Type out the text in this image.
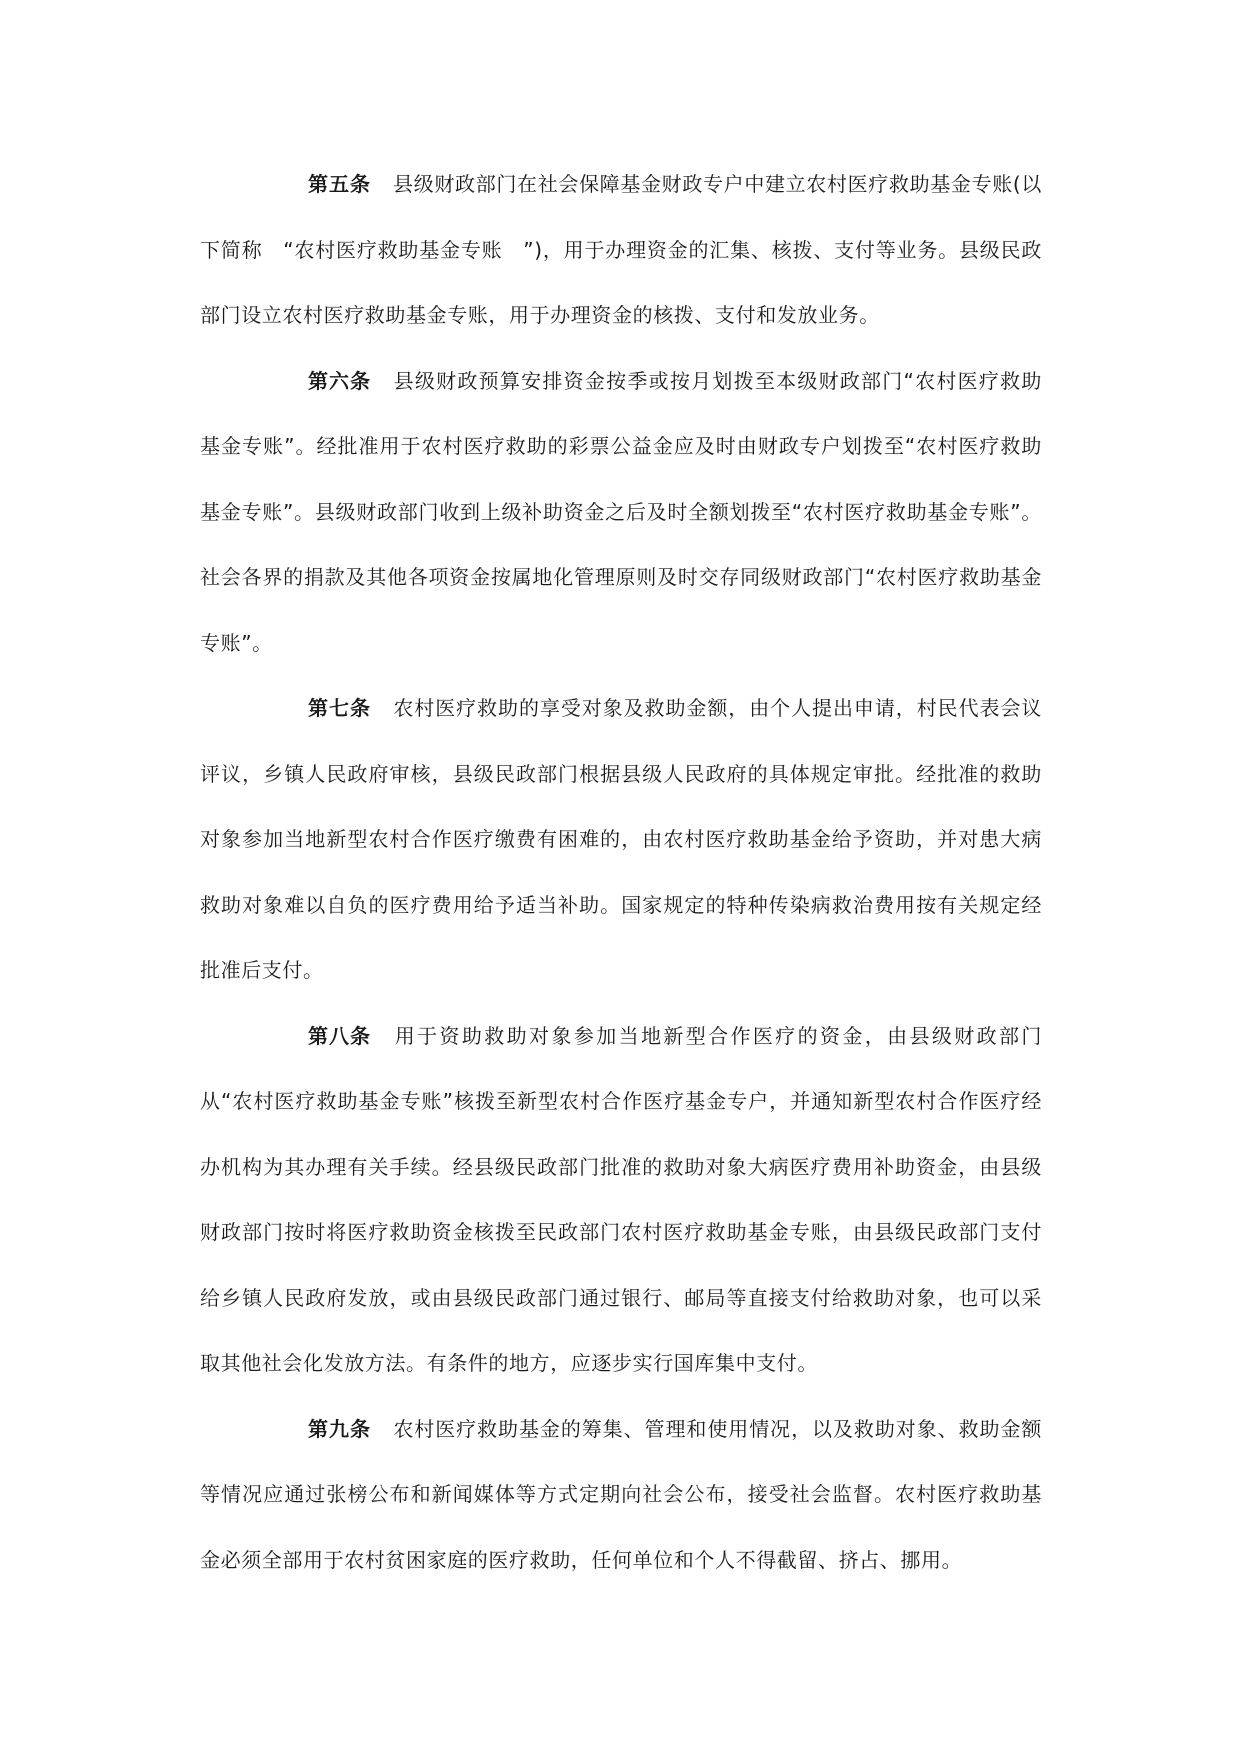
第五条 县级财政部门在社会保障基金财政专户中建立农村医疗救助基金专账(以下简称　“农村医疗救助基金专账　”)，用于办理资金的汇集、核拨、支付等业务。县级民政部门设立农村医疗救助基金专账，用于办理资金的核拨、支付和发放业务。

第六条 县级财政预算安排资金按季或按月划拨至本级财政部门“农村医疗救助基金专账”。经批准用于农村医疗救助的彩票公益金应及时由财政专户划拨至“农村医疗救助基金专账”。县级财政部门收到上级补助资金之后及时全额划拨至“农村医疗救助基金专账”。社会各界的捐款及其他各项资金按属地化管理原则及时交存同级财政部门“农村医疗救助基金专账”。

第七条 农村医疗救助的享受对象及救助金额，由个人提出申请，村民代表会议评议，乡镇人民政府审核，县级民政部门根据县级人民政府的具体规定审批。经批准的救助对象参加当地新型农村合作医疗缴费有困难的，由农村医疗救助基金给予资助，并对患大病救助对象难以自负的医疗费用给予适当补助。国家规定的特种传染病救治费用按有关规定经批准后支付。

第八条 用于资助救助对象参加当地新型合作医疗的资金，由县级财政部门从“农村医疗救助基金专账”核拨至新型农村合作医疗基金专户，并通知新型农村合作医疗经办机构为其办理有关手续。经县级民政部门批准的救助对象大病医疗费用补助资金，由县级财政部门按时将医疗救助资金核拨至民政部门农村医疗救助基金专账，由县级民政部门支付给乡镇人民政府发放，或由县级民政部门通过银行、邮局等直接支付给救助对象，也可以采取其他社会化发放方法。有条件的地方，应逐步实行国库集中支付。

第九条 农村医疗救助基金的筹集、管理和使用情况，以及救助对象、救助金额等情况应通过张榜公布和新闻媒体等方式定期向社会公布，接受社会监督。农村医疗救助基金必须全部用于农村贫困家庭的医疗救助，任何单位和个人不得截留、挤占、挪用。
